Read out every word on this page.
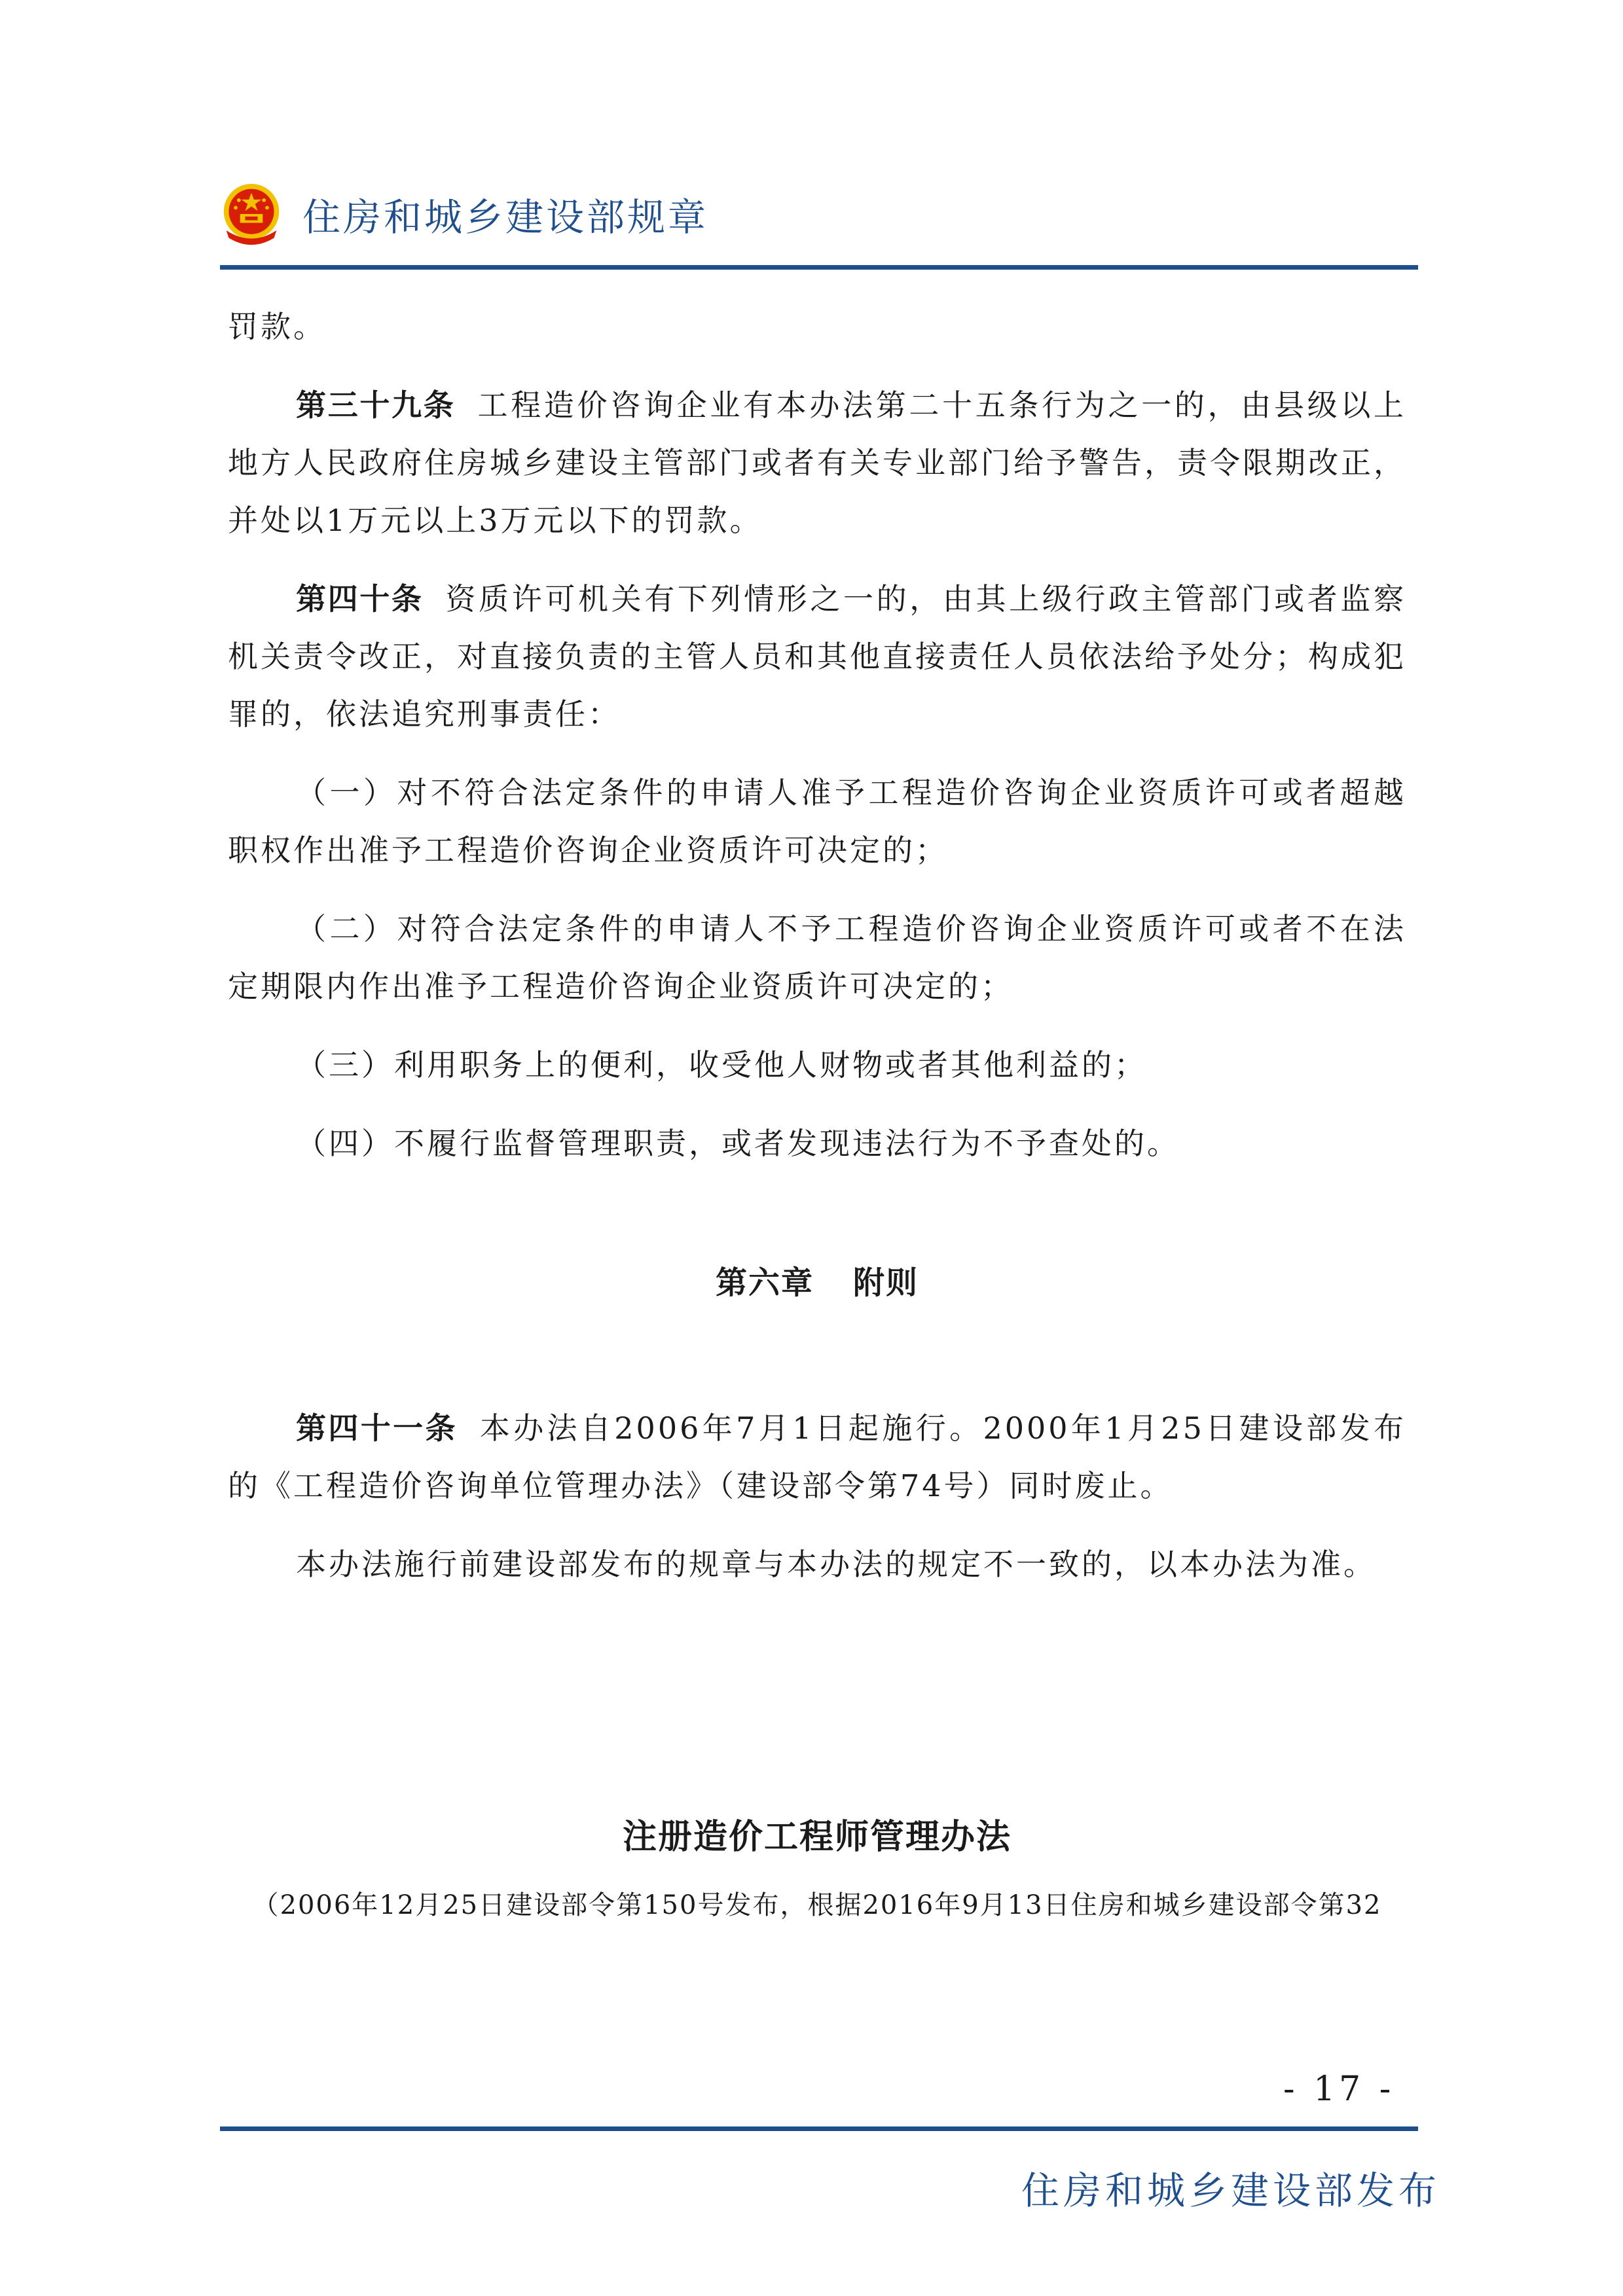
住房和城乡建设部规章

罚款。

第三十九条 工程造价咨询企业有本办法第二十五条行为之一的，由县级以上地方人民政府住房城乡建设主管部门或者有关专业部门给予警告，责令限期改正，并处以1万元以上3万元以下的罚款。

第四十条 资质许可机关有下列情形之一的，由其上级行政主管部门或者监察机关责令改正，对直接负责的主管人员和其他直接责任人员依法给予处分；构成犯罪的，依法追究刑事责任：

（一）对不符合法定条件的申请人准予工程造价咨询企业资质许可或者超越职权作出准予工程造价咨询企业资质许可决定的；

（二）对符合法定条件的申请人不予工程造价咨询企业资质许可或者不在法定期限内作出准予工程造价咨询企业资质许可决定的；

（三）利用职务上的便利，收受他人财物或者其他利益的；

（四）不履行监督管理职责，或者发现违法行为不予查处的。

第六章 附则

第四十一条 本办法自2006年7月1日起施行。2000年1月25日建设部发布的《工程造价咨询单位管理办法》（建设部令第74号）同时废止。

本办法施行前建设部发布的规章与本办法的规定不一致的，以本办法为准。

注册造价工程师管理办法
（2006年12月25日建设部令第150号发布，根据2016年9月13日住房和城乡建设部令第32
- 17 -
住房和城乡建设部发布
